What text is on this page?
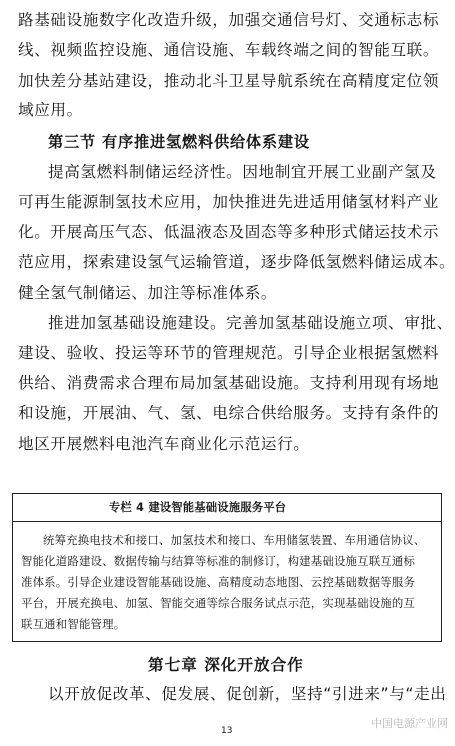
路基础设施数字化改造升级，加强交通信号灯、交通标志标
线、视频监控设施、通信设施、车载终端之间的智能互联。
加快差分基站建设，推动北斗卫星导航系统在高精度定位领
域应用。
第三节 有序推进氢燃料供给体系建设
提高氢燃料制储运经济性。因地制宜开展工业副产氢及
可再生能源制氢技术应用，加快推进先进适用储氢材料产业
化。开展高压气态、低温液态及固态等多种形式储运技术示
范应用，探索建设氢气运输管道，逐步降低氢燃料储运成本。
健全氢气制储运、加注等标准体系。
推进加氢基础设施建设。完善加氢基础设施立项、审批、
建设、验收、投运等环节的管理规范。引导企业根据氢燃料
供给、消费需求合理布局加氢基础设施。支持利用现有场地
和设施，开展油、气、氢、电综合供给服务。支持有条件的
地区开展燃料电池汽车商业化示范运行。
专栏 4 建设智能基础设施服务平台
统筹充换电技术和接口、加氢技术和接口、车用储氢装置、车用通信协议、
智能化道路建设、数据传输与结算等标准的制修订，构建基础设施互联互通标
准体系。引导企业建设智能基础设施、高精度动态地图、云控基础数据等服务
平台，开展充换电、加氢、智能交通等综合服务试点示范，实现基础设施的互
联互通和智能管理。
第七章 深化开放合作
以开放促改革、促发展、促创新，坚持“引进来”与“走出
13
中国电源产业网
